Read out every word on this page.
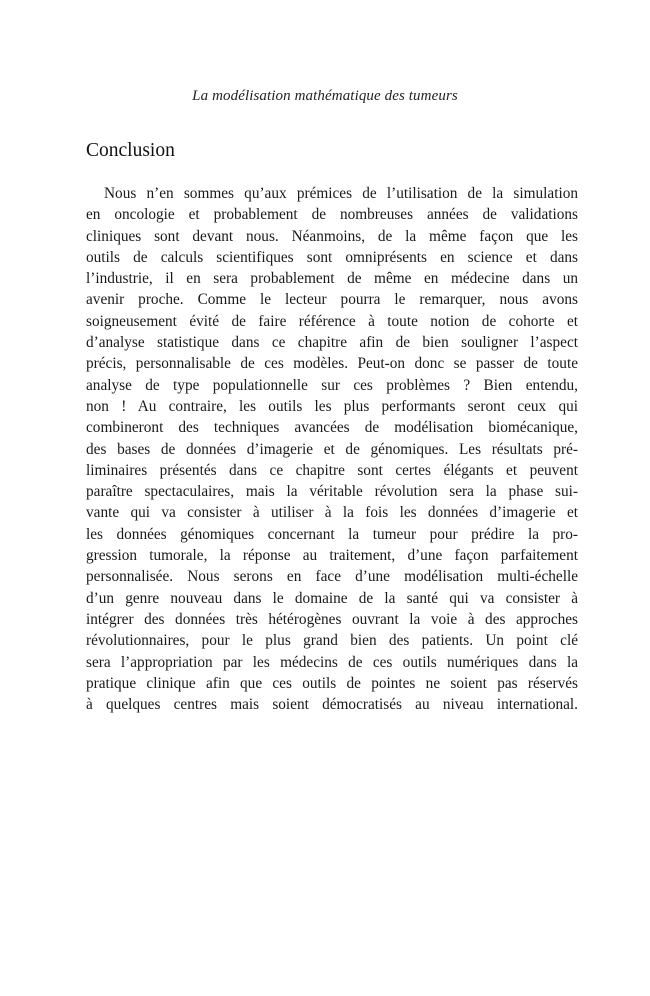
La modélisation mathématique des tumeurs
Conclusion
Nous n’en sommes qu’aux prémices de l’utilisation de la simulation
en oncologie et probablement de nombreuses années de validations
cliniques sont devant nous. Néanmoins, de la même façon que les
outils de calculs scientifiques sont omniprésents en science et dans
l’industrie, il en sera probablement de même en médecine dans un
avenir proche. Comme le lecteur pourra le remarquer, nous avons
soigneusement évité de faire référence à toute notion de cohorte et
d’analyse statistique dans ce chapitre afin de bien souligner l’aspect
précis, personnalisable de ces modèles. Peut-on donc se passer de toute
analyse de type populationnelle sur ces problèmes ? Bien entendu,
non ! Au contraire, les outils les plus performants seront ceux qui
combineront des techniques avancées de modélisation biomécanique,
des bases de données d’imagerie et de génomiques. Les résultats pré-
liminaires présentés dans ce chapitre sont certes élégants et peuvent
paraître spectaculaires, mais la véritable révolution sera la phase sui-
vante qui va consister à utiliser à la fois les données d’imagerie et
les données génomiques concernant la tumeur pour prédire la pro-
gression tumorale, la réponse au traitement, d’une façon parfaitement
personnalisée. Nous serons en face d’une modélisation multi-échelle
d’un genre nouveau dans le domaine de la santé qui va consister à
intégrer des données très hétérogènes ouvrant la voie à des approches
révolutionnaires, pour le plus grand bien des patients. Un point clé
sera l’appropriation par les médecins de ces outils numériques dans la
pratique clinique afin que ces outils de pointes ne soient pas réservés
à quelques centres mais soient démocratisés au niveau international.
